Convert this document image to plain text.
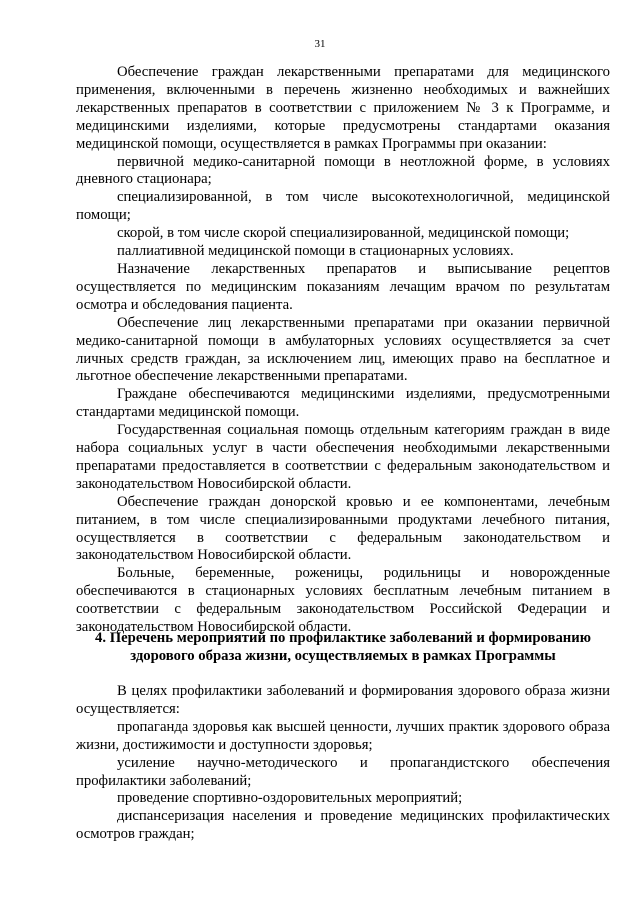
31

Обеспечение граждан лекарственными препаратами для медицинского применения, включенными в перечень жизненно необходимых и важнейших лекарственных препаратов в соответствии с приложением № 3 к Программе, и медицинскими изделиями, которые предусмотрены стандартами оказания медицинской помощи, осуществляется в рамках Программы при оказании:

первичной медико-санитарной помощи в неотложной форме, в условиях дневного стационара;

специализированной, в том числе высокотехнологичной, медицинской помощи;

скорой, в том числе скорой специализированной, медицинской помощи;

паллиативной медицинской помощи в стационарных условиях.

Назначение лекарственных препаратов и выписывание рецептов осуществляется по медицинским показаниям лечащим врачом по результатам осмотра и обследования пациента.

Обеспечение лиц лекарственными препаратами при оказании первичной медико-санитарной помощи в амбулаторных условиях осуществляется за счет личных средств граждан, за исключением лиц, имеющих право на бесплатное и льготное обеспечение лекарственными препаратами.

Граждане обеспечиваются медицинскими изделиями, предусмотренными стандартами медицинской помощи.

Государственная социальная помощь отдельным категориям граждан в виде набора социальных услуг в части обеспечения необходимыми лекарственными препаратами предоставляется в соответствии с федеральным законодательством и законодательством Новосибирской области.

Обеспечение граждан донорской кровью и ее компонентами, лечебным питанием, в том числе специализированными продуктами лечебного питания, осуществляется в соответствии с федеральным законодательством и законодательством Новосибирской области.

Больные, беременные, роженицы, родильницы и новорожденные обеспечиваются в стационарных условиях бесплатным лечебным питанием в соответствии с федеральным законодательством Российской Федерации и законодательством Новосибирской области.

4. Перечень мероприятий по профилактике заболеваний и формированию
здорового образа жизни, осуществляемых в рамках Программы

В целях профилактики заболеваний и формирования здорового образа жизни осуществляется:

пропаганда здоровья как высшей ценности, лучших практик здорового образа жизни, достижимости и доступности здоровья;

усиление научно-методического и пропагандистского обеспечения профилактики заболеваний;

проведение спортивно-оздоровительных мероприятий;

диспансеризация населения и проведение медицинских профилактических осмотров граждан;
